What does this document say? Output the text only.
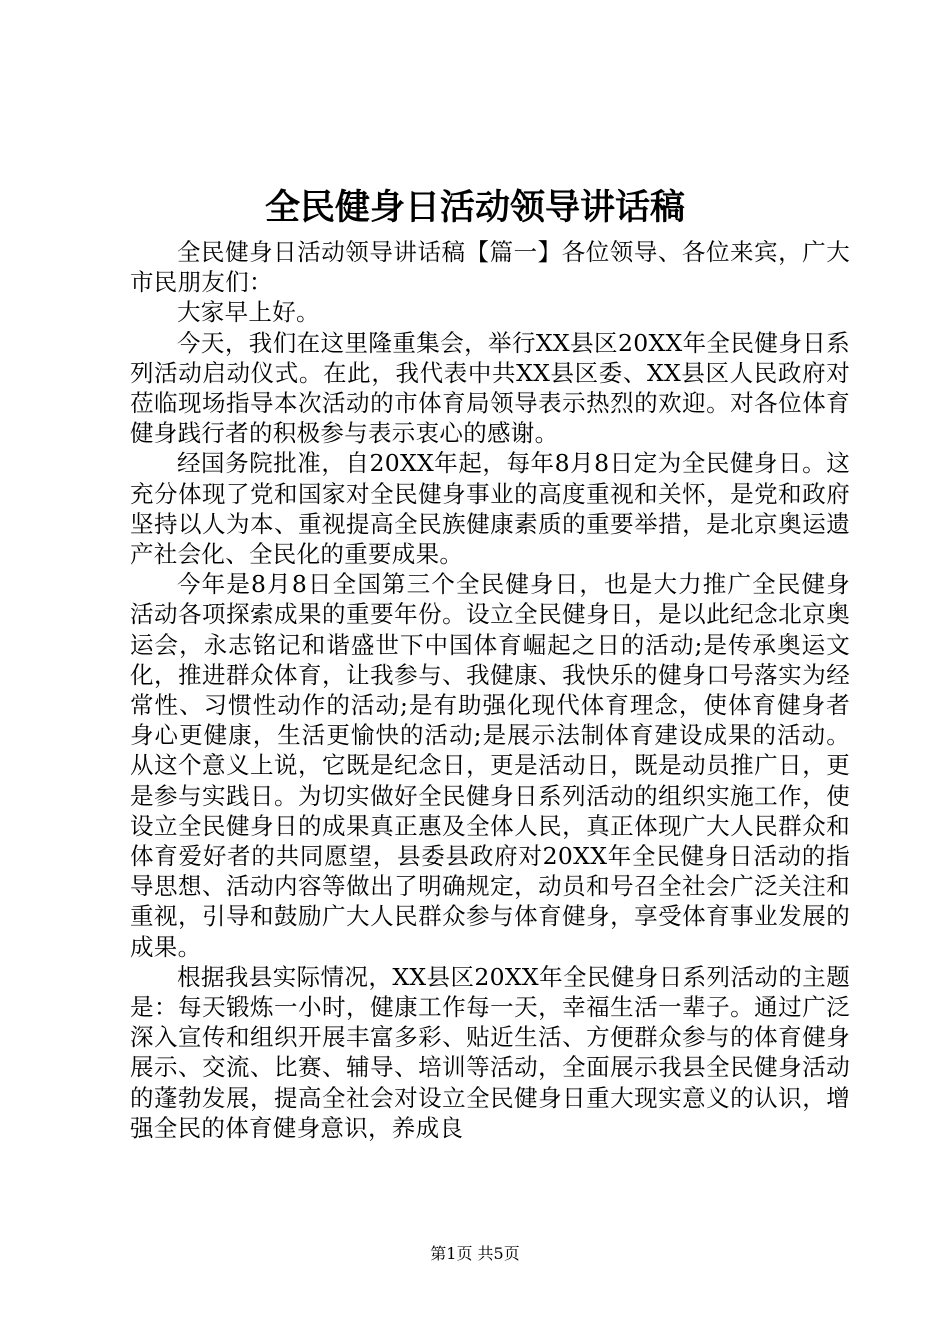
全民健身日活动领导讲话稿

全民健身日活动领导讲话稿【篇一】各位领导、各位来宾，广大市民朋友们：

大家早上好。

今天，我们在这里隆重集会，举行XX县区20XX年全民健身日系列活动启动仪式。在此，我代表中共XX县区委、XX县区人民政府对莅临现场指导本次活动的市体育局领导表示热烈的欢迎。对各位体育健身践行者的积极参与表示衷心的感谢。

经国务院批准，自20XX年起，每年8月8日定为全民健身日。这充分体现了党和国家对全民健身事业的高度重视和关怀，是党和政府坚持以人为本、重视提高全民族健康素质的重要举措，是北京奥运遗产社会化、全民化的重要成果。

今年是8月8日全国第三个全民健身日，也是大力推广全民健身活动各项探索成果的重要年份。设立全民健身日，是以此纪念北京奥运会，永志铭记和谐盛世下中国体育崛起之日的活动;是传承奥运文化，推进群众体育，让我参与、我健康、我快乐的健身口号落实为经常性、习惯性动作的活动;是有助强化现代体育理念，使体育健身者身心更健康，生活更愉快的活动;是展示法制体育建设成果的活动。从这个意义上说，它既是纪念日，更是活动日，既是动员推广日，更是参与实践日。为切实做好全民健身日系列活动的组织实施工作，使设立全民健身日的成果真正惠及全体人民，真正体现广大人民群众和体育爱好者的共同愿望，县委县政府对20XX年全民健身日活动的指导思想、活动内容等做出了明确规定，动员和号召全社会广泛关注和重视，引导和鼓励广大人民群众参与体育健身，享受体育事业发展的成果。

根据我县实际情况，XX县区20XX年全民健身日系列活动的主题是：每天锻炼一小时，健康工作每一天，幸福生活一辈子。通过广泛深入宣传和组织开展丰富多彩、贴近生活、方便群众参与的体育健身展示、交流、比赛、辅导、培训等活动，全面展示我县全民健身活动的蓬勃发展，提高全社会对设立全民健身日重大现实意义的认识，增强全民的体育健身意识，养成良

第1页 共5页
